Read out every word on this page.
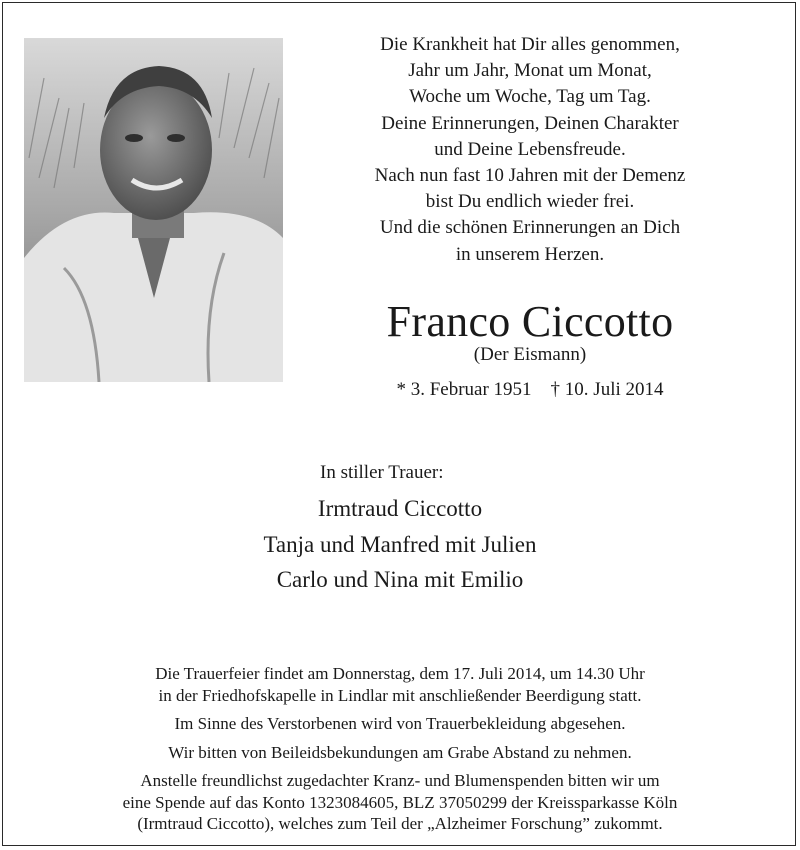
Die Krankheit hat Dir alles genommen,
Jahr um Jahr, Monat um Monat,
Woche um Woche, Tag um Tag.
Deine Erinnerungen, Deinen Charakter
und Deine Lebensfreude.
Nach nun fast 10 Jahren mit der Demenz
bist Du endlich wieder frei.
Und die schönen Erinnerungen an Dich
in unserem Herzen.
Franco Ciccotto
(Der Eismann)
* 3. Februar 1951    † 10. Juli 2014
In stiller Trauer:
Irmtraud Ciccotto
Tanja und Manfred mit Julien
Carlo und Nina mit Emilio

Die Trauerfeier findet am Donnerstag, dem 17. Juli 2014, um 14.30 Uhr
in der Friedhofskapelle in Lindlar mit anschließender Beerdigung statt.

Im Sinne des Verstorbenen wird von Trauerbekleidung abgesehen.

Wir bitten von Beileidsbekundungen am Grabe Abstand zu nehmen.

Anstelle freundlichst zugedachter Kranz- und Blumenspenden bitten wir um
eine Spende auf das Konto 1323084605, BLZ 37050299 der Kreissparkasse Köln
(Irmtraud Ciccotto), welches zum Teil der „Alzheimer Forschung” zukommt.
